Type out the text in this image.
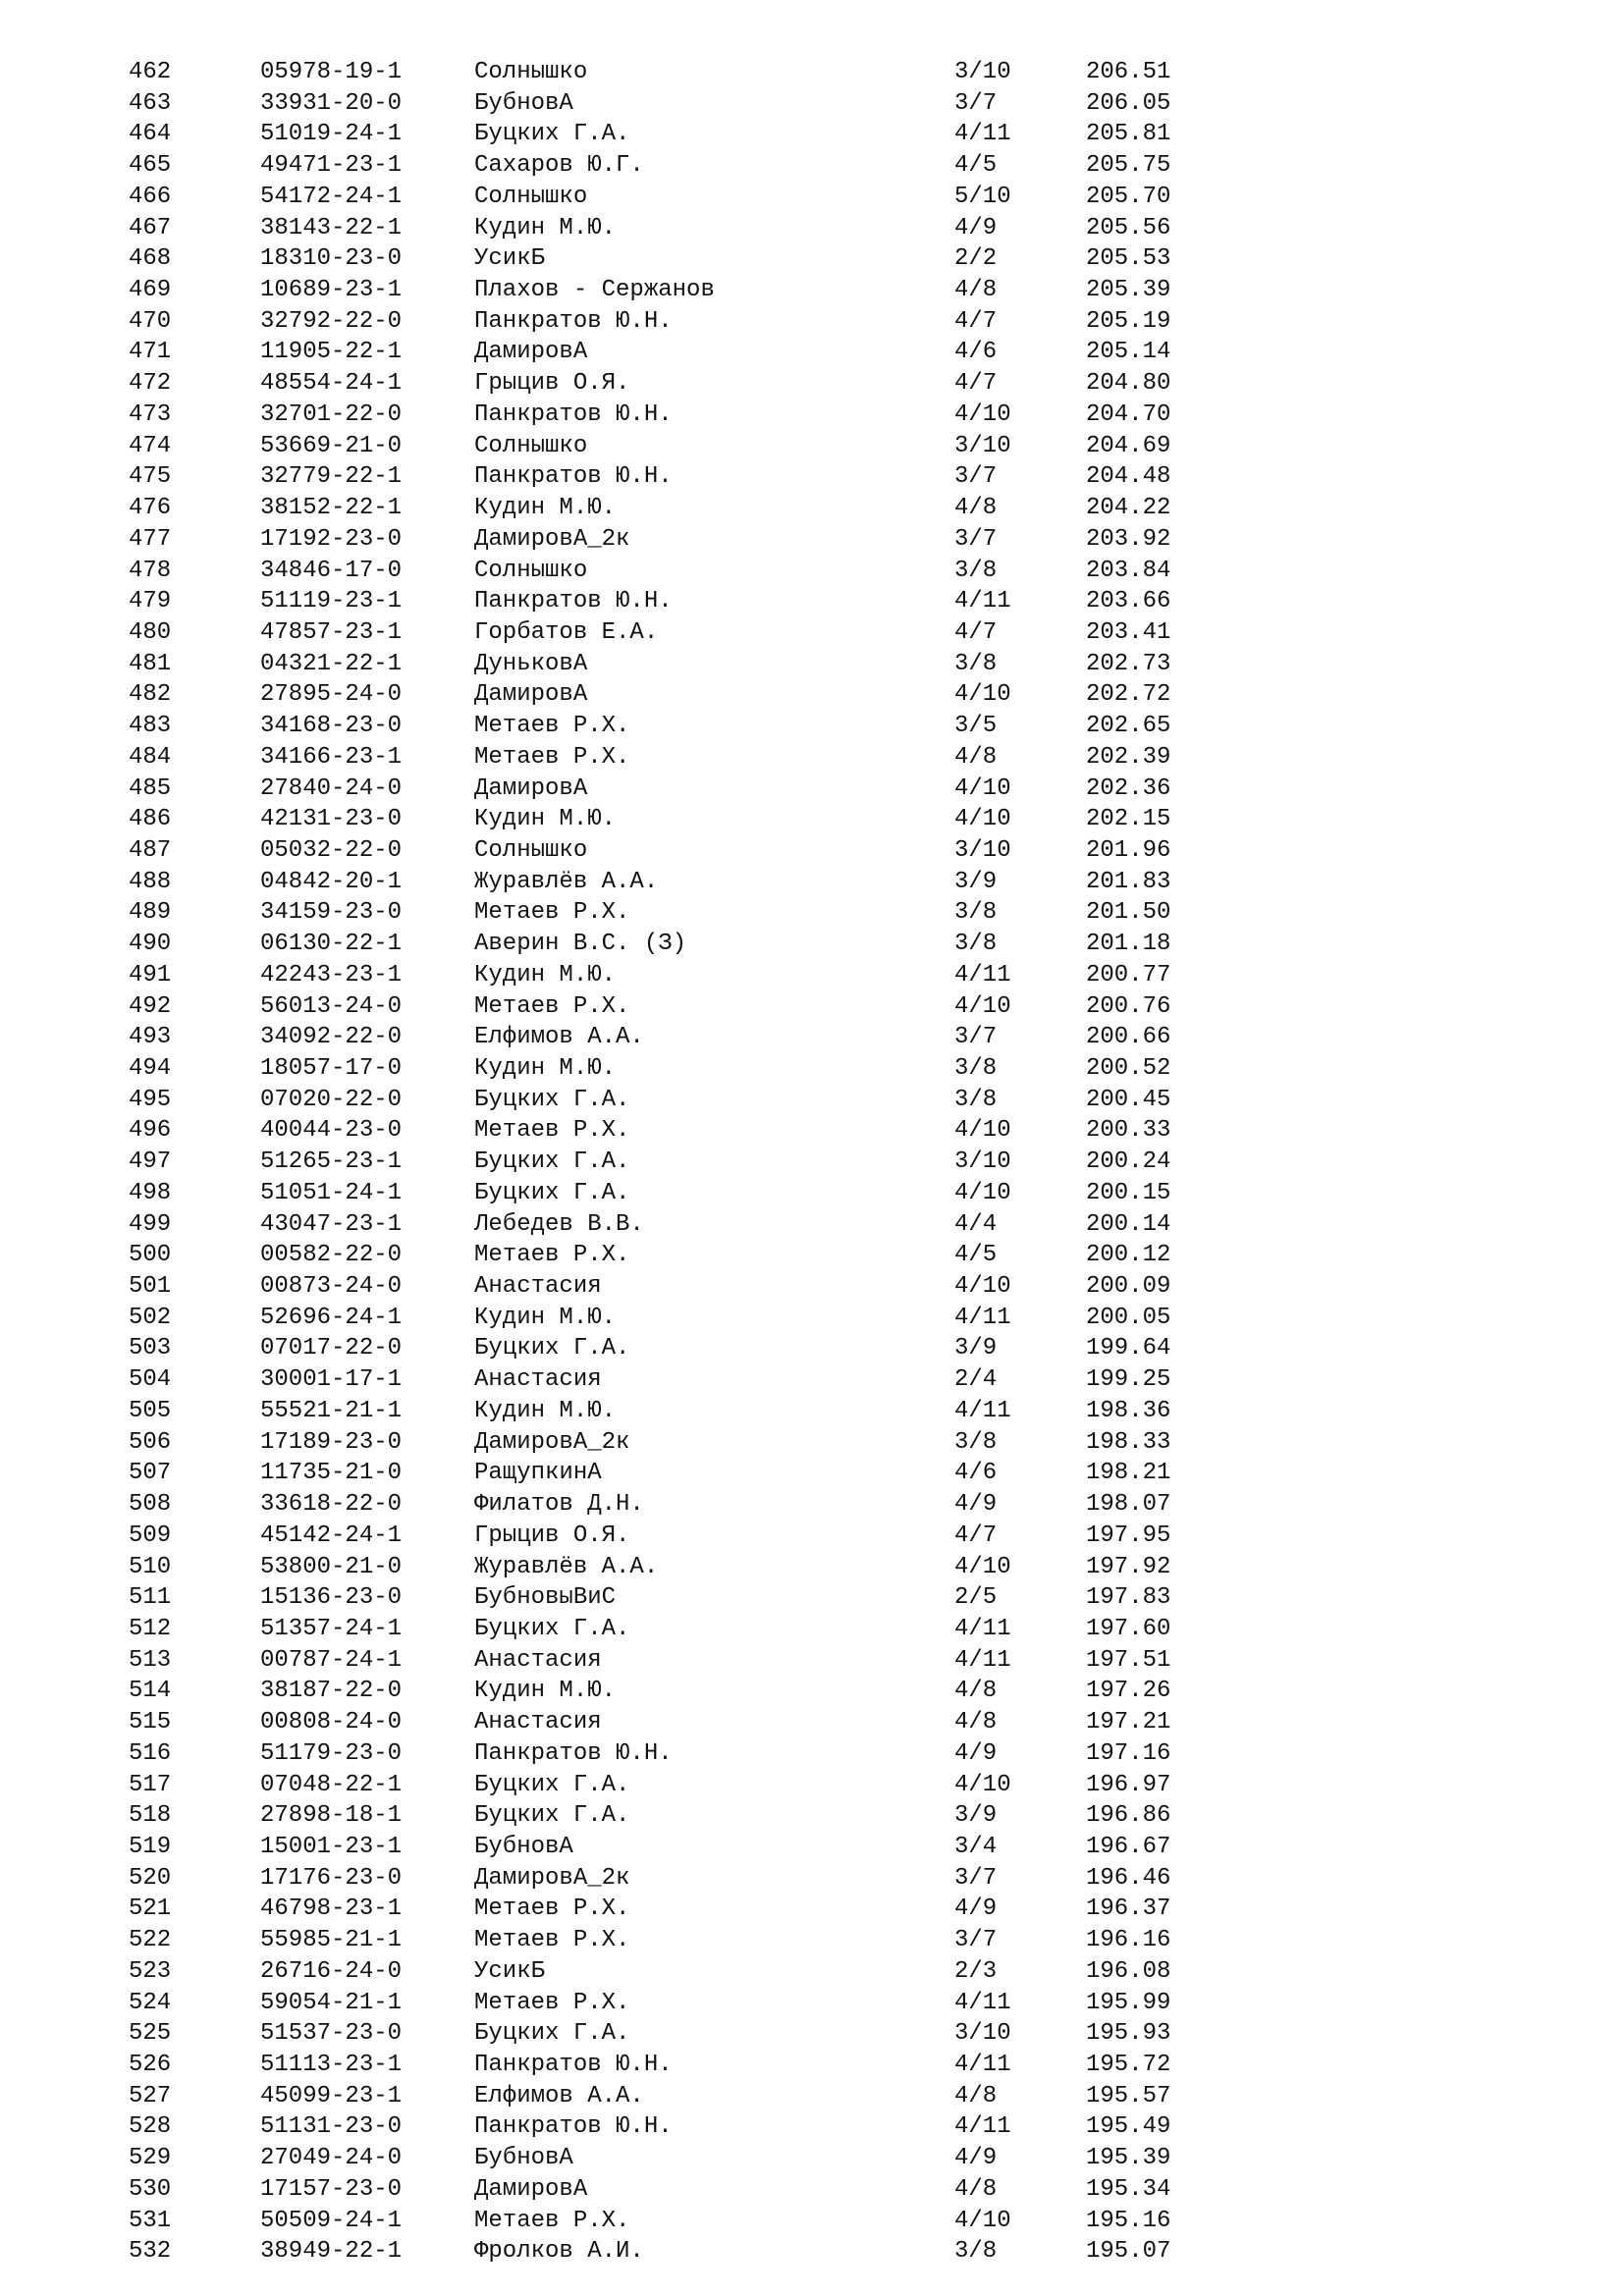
462	05978-19-1	Солнышко	3/10	206.51
463	33931-20-0	БубновА	3/7	206.05
464	51019-24-1	Буцких Г.А.	4/11	205.81
465	49471-23-1	Сахаров Ю.Г.	4/5	205.75
466	54172-24-1	Солнышко	5/10	205.70
467	38143-22-1	Кудин М.Ю.	4/9	205.56
468	18310-23-0	УсикБ	2/2	205.53
469	10689-23-1	Плахов - Сержанов	4/8	205.39
470	32792-22-0	Панкратов Ю.Н.	4/7	205.19
471	11905-22-1	ДамировА	4/6	205.14
472	48554-24-1	Грыцив О.Я.	4/7	204.80
473	32701-22-0	Панкратов Ю.Н.	4/10	204.70
474	53669-21-0	Солнышко	3/10	204.69
475	32779-22-1	Панкратов Ю.Н.	3/7	204.48
476	38152-22-1	Кудин М.Ю.	4/8	204.22
477	17192-23-0	ДамировА_2к	3/7	203.92
478	34846-17-0	Солнышко	3/8	203.84
479	51119-23-1	Панкратов Ю.Н.	4/11	203.66
480	47857-23-1	Горбатов Е.А.	4/7	203.41
481	04321-22-1	ДуньковА	3/8	202.73
482	27895-24-0	ДамировА	4/10	202.72
483	34168-23-0	Метаев Р.Х.	3/5	202.65
484	34166-23-1	Метаев Р.Х.	4/8	202.39
485	27840-24-0	ДамировА	4/10	202.36
486	42131-23-0	Кудин М.Ю.	4/10	202.15
487	05032-22-0	Солнышко	3/10	201.96
488	04842-20-1	Журавлёв А.А.	3/9	201.83
489	34159-23-0	Метаев Р.Х.	3/8	201.50
490	06130-22-1	Аверин В.С. (З)	3/8	201.18
491	42243-23-1	Кудин М.Ю.	4/11	200.77
492	56013-24-0	Метаев Р.Х.	4/10	200.76
493	34092-22-0	Елфимов А.А.	3/7	200.66
494	18057-17-0	Кудин М.Ю.	3/8	200.52
495	07020-22-0	Буцких Г.А.	3/8	200.45
496	40044-23-0	Метаев Р.Х.	4/10	200.33
497	51265-23-1	Буцких Г.А.	3/10	200.24
498	51051-24-1	Буцких Г.А.	4/10	200.15
499	43047-23-1	Лебедев В.В.	4/4	200.14
500	00582-22-0	Метаев Р.Х.	4/5	200.12
501	00873-24-0	Анастасия	4/10	200.09
502	52696-24-1	Кудин М.Ю.	4/11	200.05
503	07017-22-0	Буцких Г.А.	3/9	199.64
504	30001-17-1	Анастасия	2/4	199.25
505	55521-21-1	Кудин М.Ю.	4/11	198.36
506	17189-23-0	ДамировА_2к	3/8	198.33
507	11735-21-0	РащупкинА	4/6	198.21
508	33618-22-0	Филатов Д.Н.	4/9	198.07
509	45142-24-1	Грыцив О.Я.	4/7	197.95
510	53800-21-0	Журавлёв А.А.	4/10	197.92
511	15136-23-0	БубновыВиС	2/5	197.83
512	51357-24-1	Буцких Г.А.	4/11	197.60
513	00787-24-1	Анастасия	4/11	197.51
514	38187-22-0	Кудин М.Ю.	4/8	197.26
515	00808-24-0	Анастасия	4/8	197.21
516	51179-23-0	Панкратов Ю.Н.	4/9	197.16
517	07048-22-1	Буцких Г.А.	4/10	196.97
518	27898-18-1	Буцких Г.А.	3/9	196.86
519	15001-23-1	БубновА	3/4	196.67
520	17176-23-0	ДамировА_2к	3/7	196.46
521	46798-23-1	Метаев Р.Х.	4/9	196.37
522	55985-21-1	Метаев Р.Х.	3/7	196.16
523	26716-24-0	УсикБ	2/3	196.08
524	59054-21-1	Метаев Р.Х.	4/11	195.99
525	51537-23-0	Буцких Г.А.	3/10	195.93
526	51113-23-1	Панкратов Ю.Н.	4/11	195.72
527	45099-23-1	Елфимов А.А.	4/8	195.57
528	51131-23-0	Панкратов Ю.Н.	4/11	195.49
529	27049-24-0	БубновА	4/9	195.39
530	17157-23-0	ДамировА	4/8	195.34
531	50509-24-1	Метаев Р.Х.	4/10	195.16
532	38949-22-1	Фролков А.И.	3/8	195.07
